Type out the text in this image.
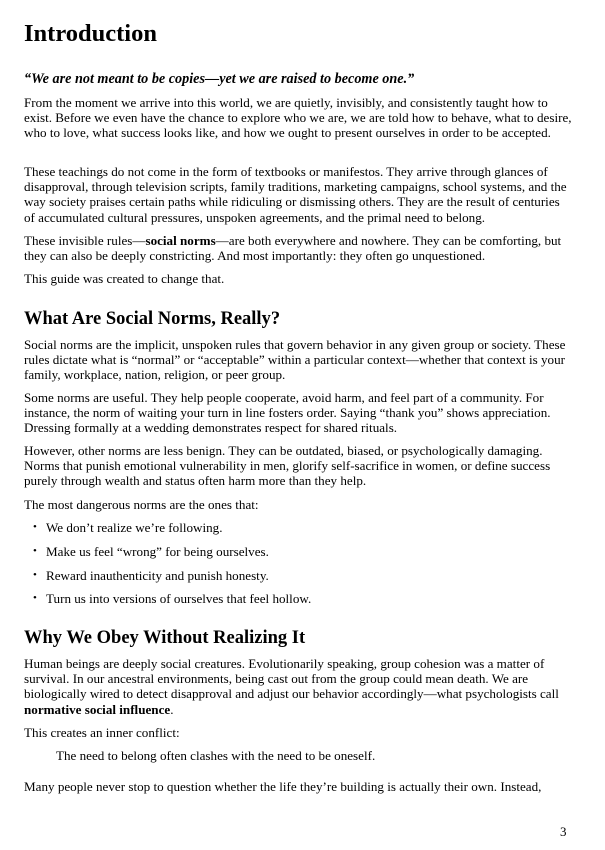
Introduction

“We are not meant to be copies—yet we are raised to become one.”

From the moment we arrive into this world, we are quietly, invisibly, and consistently taught how to exist. Before we even have the chance to explore who we are, we are told how to behave, what to desire, who to love, what success looks like, and how we ought to present ourselves in order to be accepted.

These teachings do not come in the form of textbooks or manifestos. They arrive through glances of disapproval, through television scripts, family traditions, marketing campaigns, school systems, and the way society praises certain paths while ridiculing or dismissing others. They are the result of centuries of accumulated cultural pressures, unspoken agreements, and the primal need to belong.

These invisible rules—social norms—are both everywhere and nowhere. They can be comforting, but they can also be deeply constricting. And most importantly: they often go unquestioned.

This guide was created to change that.

What Are Social Norms, Really?

Social norms are the implicit, unspoken rules that govern behavior in any given group or society. These rules dictate what is “normal” or “acceptable” within a particular context—whether that context is your family, workplace, nation, religion, or peer group.

Some norms are useful. They help people cooperate, avoid harm, and feel part of a community. For instance, the norm of waiting your turn in line fosters order. Saying “thank you” shows appreciation. Dressing formally at a wedding demonstrates respect for shared rituals.

However, other norms are less benign. They can be outdated, biased, or psychologically damaging. Norms that punish emotional vulnerability in men, glorify self-sacrifice in women, or define success purely through wealth and status often harm more than they help.

The most dangerous norms are the ones that:

• We don’t realize we’re following.
• Make us feel “wrong” for being ourselves.
• Reward inauthenticity and punish honesty.
• Turn us into versions of ourselves that feel hollow.
Why We Obey Without Realizing It

Human beings are deeply social creatures. Evolutionarily speaking, group cohesion was a matter of survival. In our ancestral environments, being cast out from the group could mean death. We are biologically wired to detect disapproval and adjust our behavior accordingly—what psychologists call normative social influence.

This creates an inner conflict:

The need to belong often clashes with the need to be oneself.

Many people never stop to question whether the life they’re building is actually their own. Instead,

3
